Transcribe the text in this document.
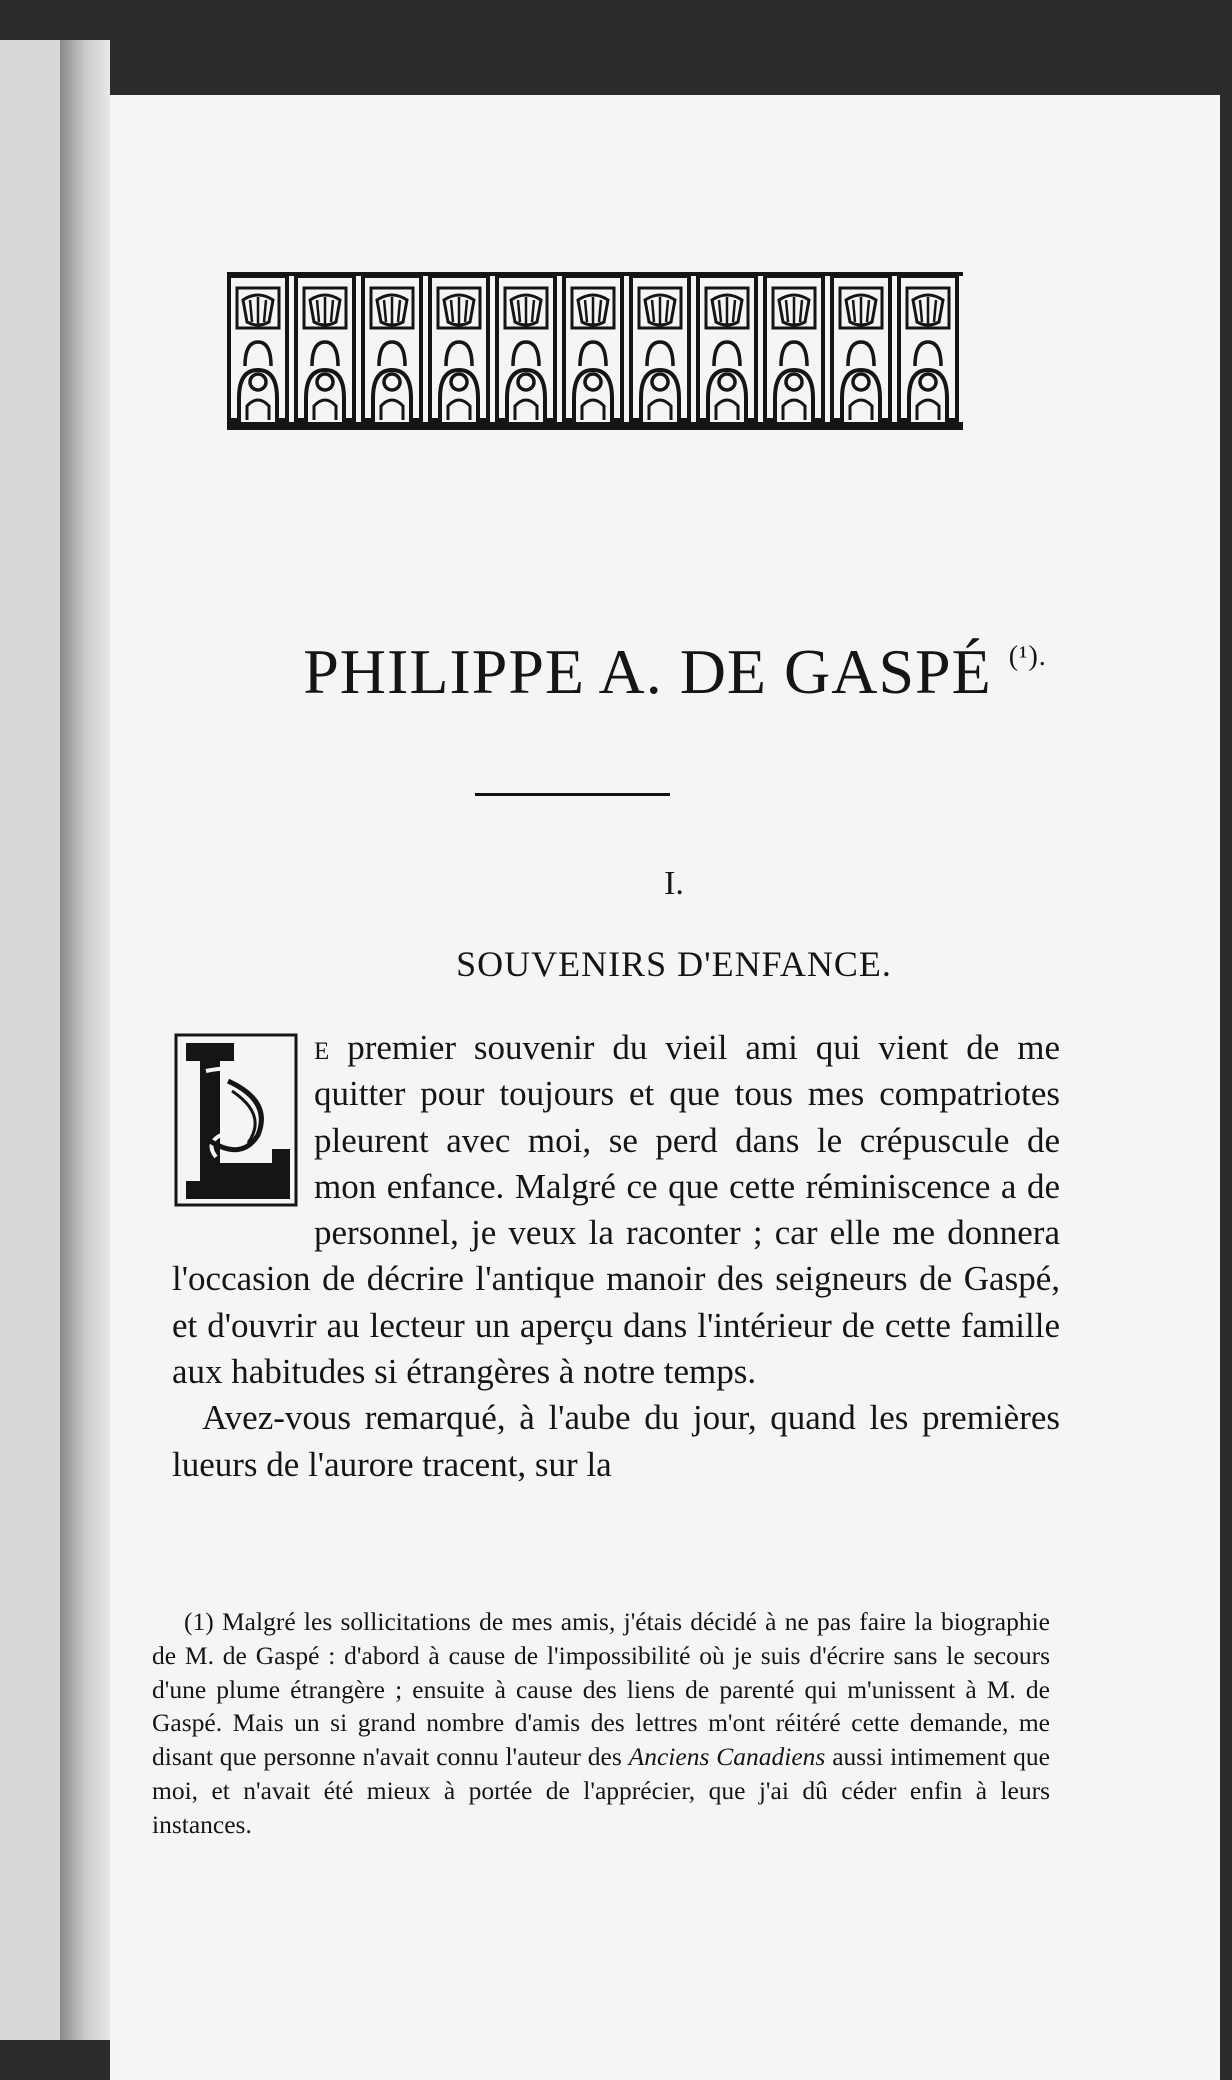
PHILIPPE A. DE GASPÉ $^{(^1).}$
I.
SOUVENIRS D'ENFANCE.

L
e premier souvenir du vieil ami qui vient de me quitter pour toujours et que tous mes compatriotes pleurent avec moi, se perd dans le crépuscule de mon enfance. Malgré ce que cette réminiscence a de personnel, je veux la raconter ; car elle me donnera l'occasion de décrire l'antique manoir des seigneurs de Gaspé, et d'ouvrir au lecteur un aperçu dans l'intérieur de cette famille aux habitudes si étrangères à notre temps.

Avez-vous remarqué, à l'aube du jour, quand les premières lueurs de l'aurore tracent, sur la

(1) Malgré les sollicitations de mes amis, j'étais décidé à ne pas faire la biographie de M. de Gaspé : d'abord à cause de l'impossibilité où je suis d'écrire sans le secours d'une plume étrangère ; ensuite à cause des liens de parenté qui m'unissent à M. de Gaspé. Mais un si grand nombre d'amis des lettres m'ont réitéré cette demande, me disant que personne n'avait connu l'auteur des Anciens Canadiens aussi intimement que moi, et n'avait été mieux à portée de l'apprécier, que j'ai dû céder enfin à leurs instances.
